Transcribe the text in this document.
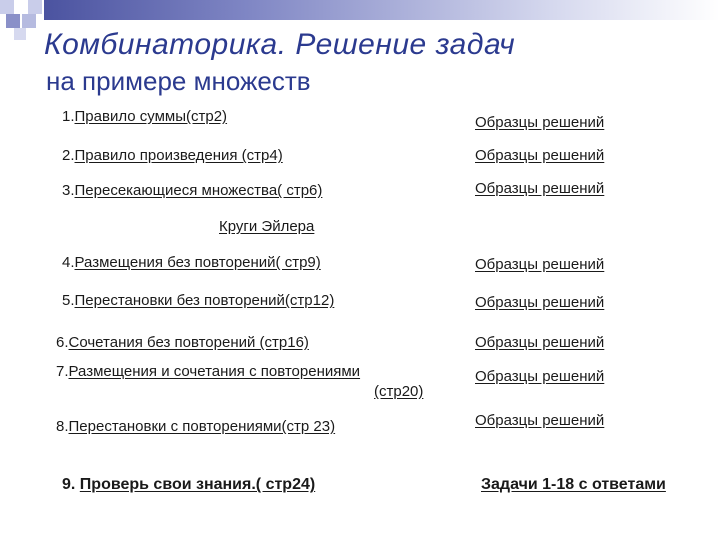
Комбинаторика. Решение задач
на примере множеств
1.Правило суммы(стр2)
2.Правило произведения (стр4)
3.Пересекающиеся множества( стр6)
Круги Эйлера
4.Размещения без повторений( стр9)
5.Перестановки без повторений(стр12)
6.Сочетания без повторений (стр16)
7.Размещения и сочетания с повторениями
(стр20)
8.Перестановки с повторениями(стр 23)
9. Проверь свои знания.( стр24)
Образцы решений
Образцы решений
Образцы решений
Образцы решений
Образцы решений
Образцы решений
Образцы решений
Образцы решений
Задачи 1-18 с ответами
